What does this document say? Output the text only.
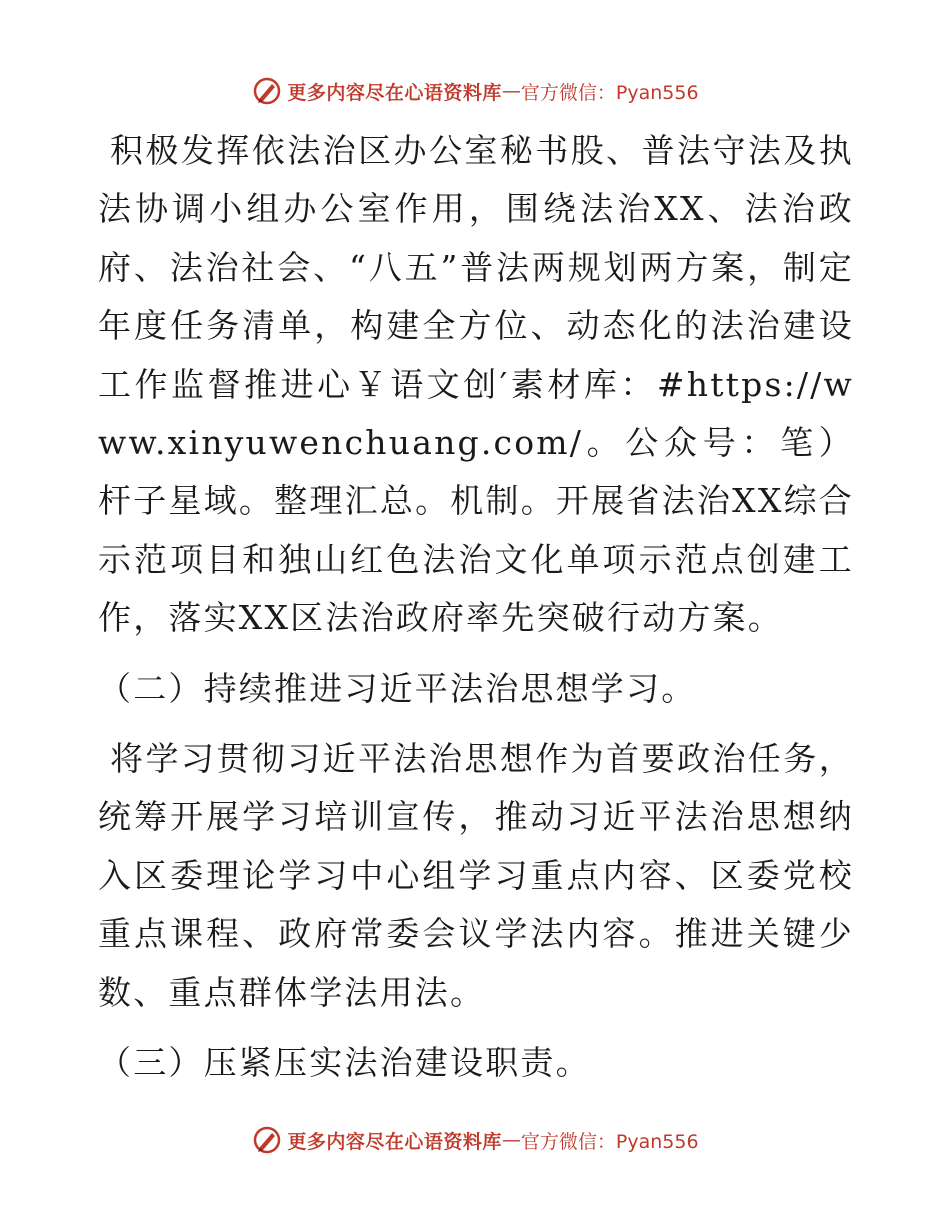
更多内容尽在心语资料库 — 官方微信：Pyan556

积极发挥依法治区办公室秘书股、普法守法及执法协调小组办公室作用，围绕法治XX、法治政府、法治社会、“八五”普法两规划两方案，制定年度任务清单，构建全方位、动态化的法治建设工作监督推进心￥语文创′素材库：#https://www.xinyuwenchuang.com/。公众号：笔）杆子星域。整理汇总。机制。开展省法治XX综合示范项目和独山红色法治文化单项示范点创建工作，落实XX区法治政府率先突破行动方案。

（二）持续推进习近平法治思想学习。

将学习贯彻习近平法治思想作为首要政治任务，统筹开展学习培训宣传，推动习近平法治思想纳入区委理论学习中心组学习重点内容、区委党校重点课程、政府常委会议学法内容。推进关键少数、重点群体学法用法。

（三）压紧压实法治建设职责。

更多内容尽在心语资料库 — 官方微信：Pyan556
